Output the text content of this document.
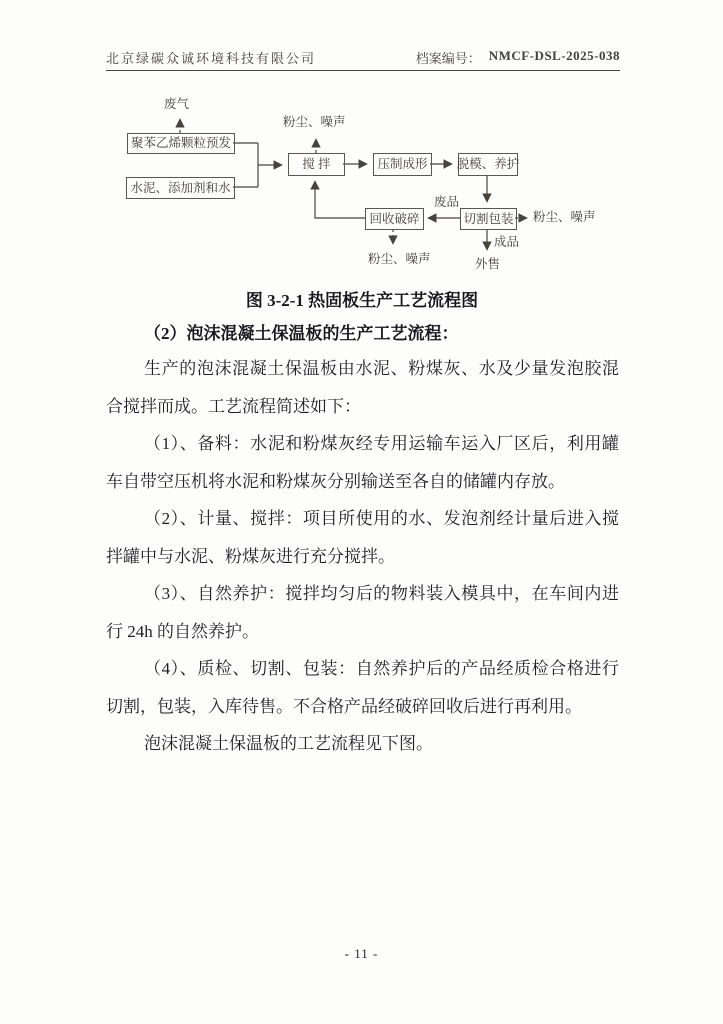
北京绿碳众诚环境科技有限公司	档案编号： NMCF-DSL-2025-038
聚苯乙烯颗粒预发
水泥、添加剂和水
搅 拌	压制成形	脱模、养护
回收破碎	切割包装
废气
粉尘、噪声
废品
粉尘、噪声
成品
外售
粉尘、噪声
图 3-2-1 热固板生产工艺流程图
（2）泡沫混凝土保温板的生产工艺流程：

生产的泡沫混凝土保温板由水泥、粉煤灰、水及少量发泡胶混合搅拌而成。工艺流程简述如下：

（1）、备料：水泥和粉煤灰经专用运输车运入厂区后，利用罐车自带空压机将水泥和粉煤灰分别输送至各自的储罐内存放。

（2）、计量、搅拌：项目所使用的水、发泡剂经计量后进入搅拌罐中与水泥、粉煤灰进行充分搅拌。

（3）、自然养护：搅拌均匀后的物料装入模具中，在车间内进行 24h 的自然养护。

（4）、质检、切割、包装：自然养护后的产品经质检合格进行切割，包装，入库待售。不合格产品经破碎回收后进行再利用。

泡沫混凝土保温板的工艺流程见下图。

- 11 -
